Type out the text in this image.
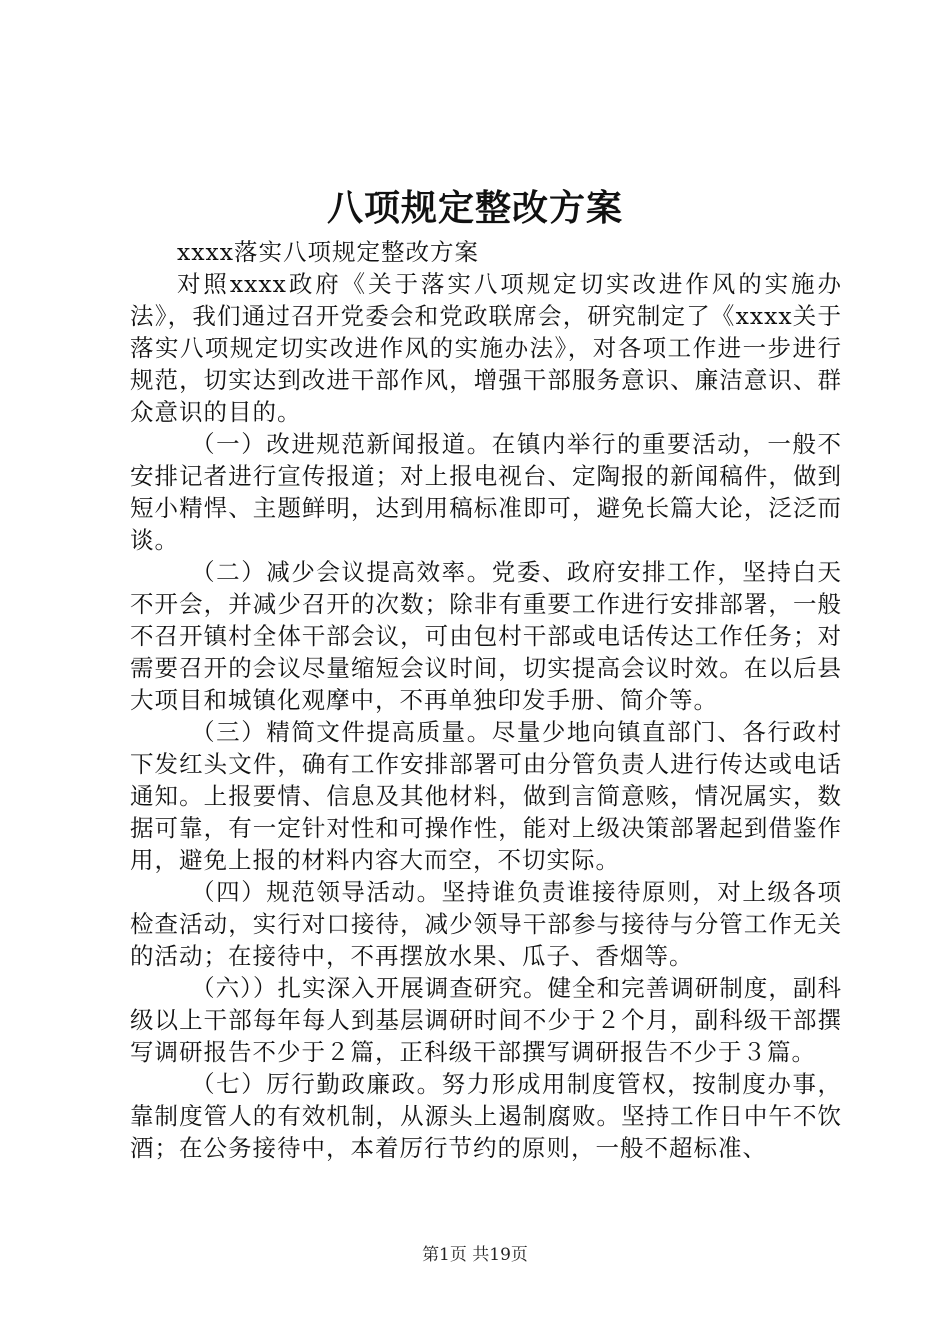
八项规定整改方案

xxxx落实八项规定整改方案

对照xxxx政府《关于落实八项规定切实改进作风的实施办法》，我们通过召开党委会和党政联席会，研究制定了《xxxx关于落实八项规定切实改进作风的实施办法》，对各项工作进一步进行规范，切实达到改进干部作风，增强干部服务意识、廉洁意识、群众意识的目的。

（一）改进规范新闻报道。在镇内举行的重要活动，一般不安排记者进行宣传报道；对上报电视台、定陶报的新闻稿件，做到短小精悍、主题鲜明，达到用稿标准即可，避免长篇大论，泛泛而谈。

（二）减少会议提高效率。党委、政府安排工作，坚持白天不开会，并减少召开的次数；除非有重要工作进行安排部署，一般不召开镇村全体干部会议，可由包村干部或电话传达工作任务；对需要召开的会议尽量缩短会议时间，切实提高会议时效。在以后县大项目和城镇化观摩中，不再单独印发手册、简介等。

（三）精简文件提高质量。尽量少地向镇直部门、各行政村下发红头文件，确有工作安排部署可由分管负责人进行传达或电话通知。上报要情、信息及其他材料，做到言简意赅，情况属实，数据可靠，有一定针对性和可操作性，能对上级决策部署起到借鉴作用，避免上报的材料内容大而空，不切实际。

（四）规范领导活动。坚持谁负责谁接待原则，对上级各项检查活动，实行对口接待，减少领导干部参与接待与分管工作无关的活动；在接待中，不再摆放水果、瓜子、香烟等。

（六））扎实深入开展调查研究。健全和完善调研制度，副科级以上干部每年每人到基层调研时间不少于２个月，副科级干部撰写调研报告不少于２篇，正科级干部撰写调研报告不少于３篇。

（七）厉行勤政廉政。努力形成用制度管权，按制度办事，靠制度管人的有效机制，从源头上遏制腐败。坚持工作日中午不饮酒；在公务接待中，本着厉行节约的原则，一般不超标准、

第1页 共19页
